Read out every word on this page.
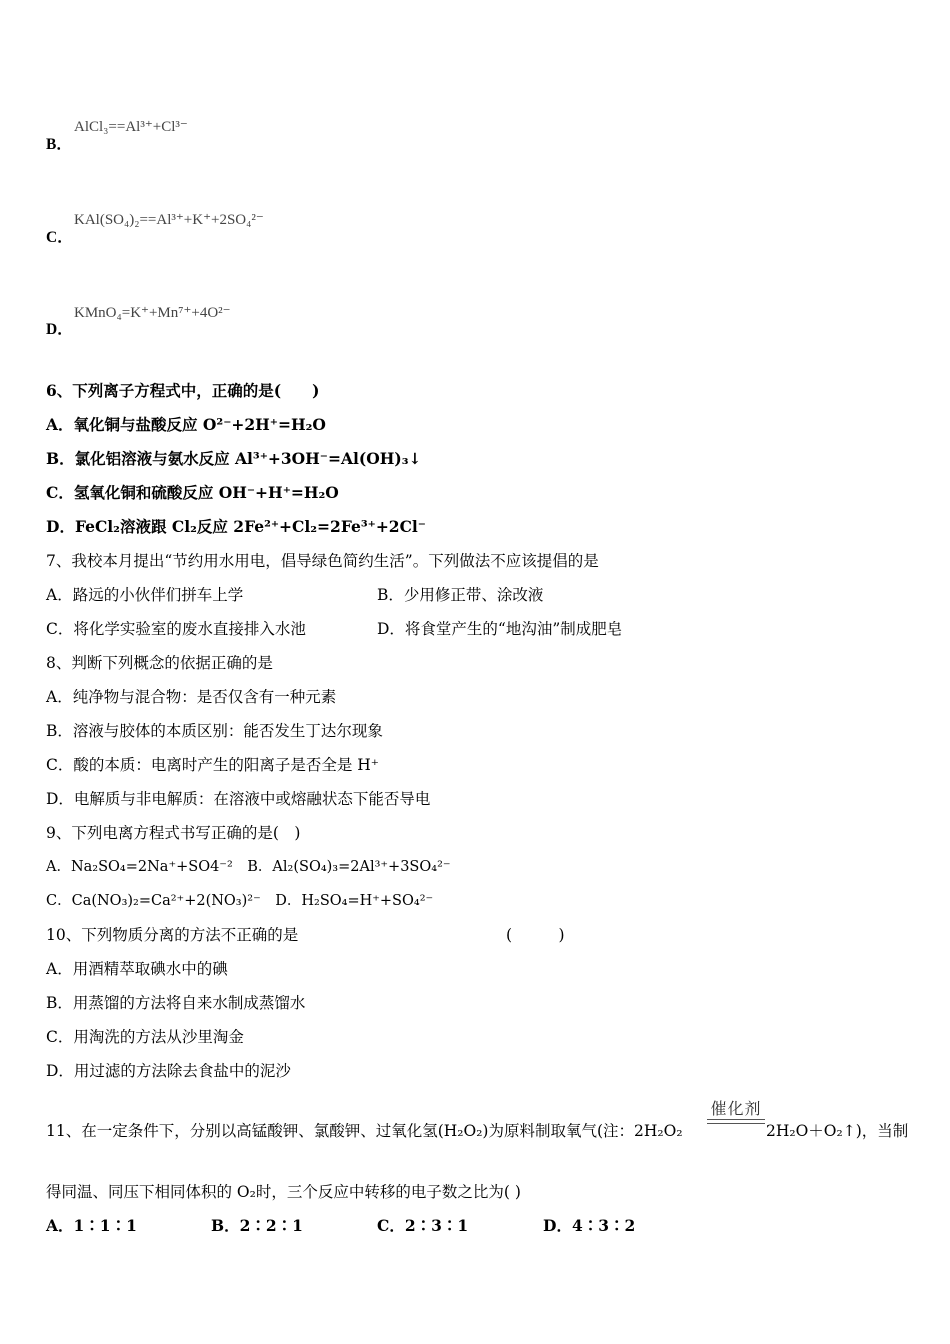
AlCl₃==Al³⁺+Cl³⁻
B．
KAl(SO₄)₂==Al³⁺+K⁺+2SO₄²⁻
C．
KMnO₄=K⁺+Mn⁷⁺+4O²⁻
D．
6、下列离子方程式中，正确的是(　　)
A．氧化铜与盐酸反应 O²⁻+2H⁺=H₂O
B．氯化铝溶液与氨水反应 Al³⁺+3OH⁻=Al(OH)₃↓
C．氢氧化铜和硫酸反应 OH⁻+H⁺=H₂O
D．FeCl₂溶液跟 Cl₂反应 2Fe²⁺+Cl₂=2Fe³⁺+2Cl⁻
7、我校本月提出“节约用水用电，倡导绿色简约生活”。下列做法不应该提倡的是
A．路远的小伙伴们拼车上学	B．少用修正带、涂改液
C．将化学实验室的废水直接排入水池	D．将食堂产生的“地沟油”制成肥皂
8、判断下列概念的依据正确的是
A．纯净物与混合物：是否仅含有一种元素
B．溶液与胶体的本质区别：能否发生丁达尔现象
C．酸的本质：电离时产生的阳离子是否全是 H⁺
D．电解质与非电解质：在溶液中或熔融状态下能否导电
9、下列电离方程式书写正确的是(　)
A．Na₂SO₄=2Na⁺+SO4⁻²　B．Al₂(SO₄)₃=2Al³⁺+3SO₄²⁻
C．Ca(NO₃)₂=Ca²⁺+2(NO₃)²⁻　D．H₂SO₄=H⁺+SO₄²⁻
10、下列物质分离的方法不正确的是	(　　　)
A．用酒精萃取碘水中的碘
B．用蒸馏的方法将自来水制成蒸馏水
C．用淘洗的方法从沙里淘金
D．用过滤的方法除去食盐中的泥沙
催化剂
11、在一定条件下，分别以高锰酸钾、氯酸钾、过氧化氢(H₂O₂)为原料制取氧气(注：2H₂O₂	2H₂O＋O₂↑)，当制
得同温、同压下相同体积的 O₂时，三个反应中转移的电子数之比为( )
A．1∶1∶1	B．2∶2∶1	C．2∶3∶1	D．4∶3∶2
